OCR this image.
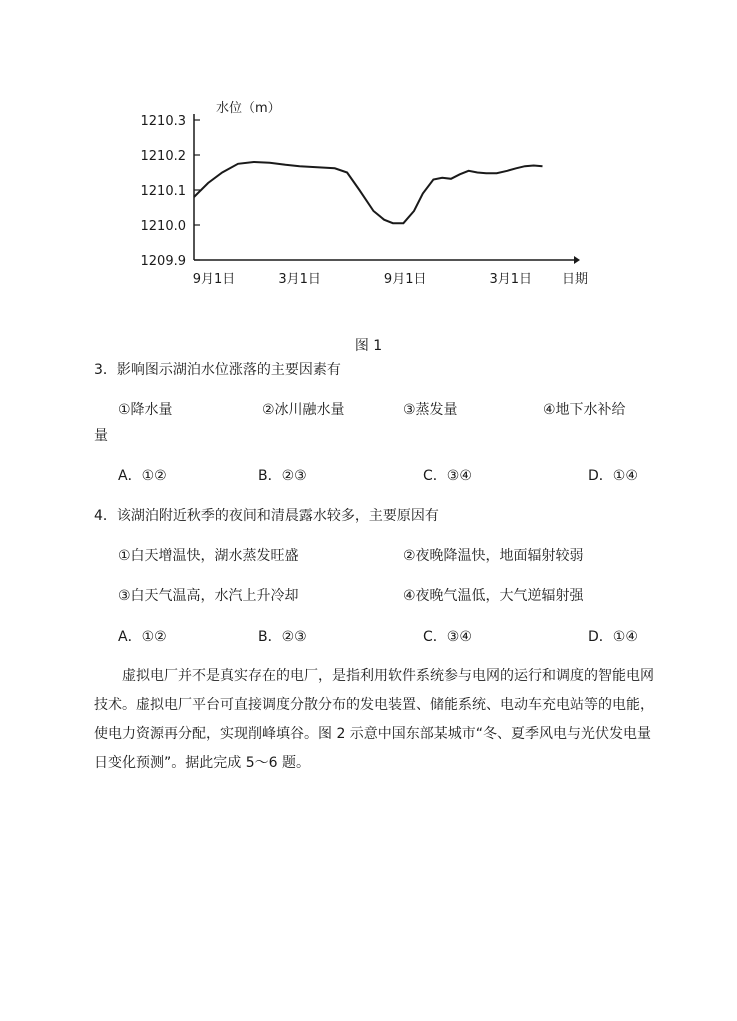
1210.3
1210.2
1210.1
1210.0
1209.9
9月1日	3月1日	9月1日	3月1日
水位（m）
日期
图 1
3．影响图示湖泊水位涨落的主要因素有
①降水量	②冰川融水量	③蒸发量	④地下水补给
量
A．①②	B．②③	C．③④	D．①④
4．该湖泊附近秋季的夜间和清晨露水较多，主要原因有
①白天增温快，湖水蒸发旺盛	②夜晚降温快，地面辐射较弱
③白天气温高，水汽上升冷却	④夜晚气温低，大气逆辐射强
A．①②	B．②③	C．③④	D．①④
虚拟电厂并不是真实存在的电厂，是指利用软件系统参与电网的运行和调度的智能电网技术。虚拟电厂平台可直接调度分散分布的发电装置、储能系统、电动车充电站等的电能，使电力资源再分配，实现削峰填谷。图 2 示意中国东部某城市“冬、夏季风电与光伏发电量日变化预测”。据此完成 5～6 题。
